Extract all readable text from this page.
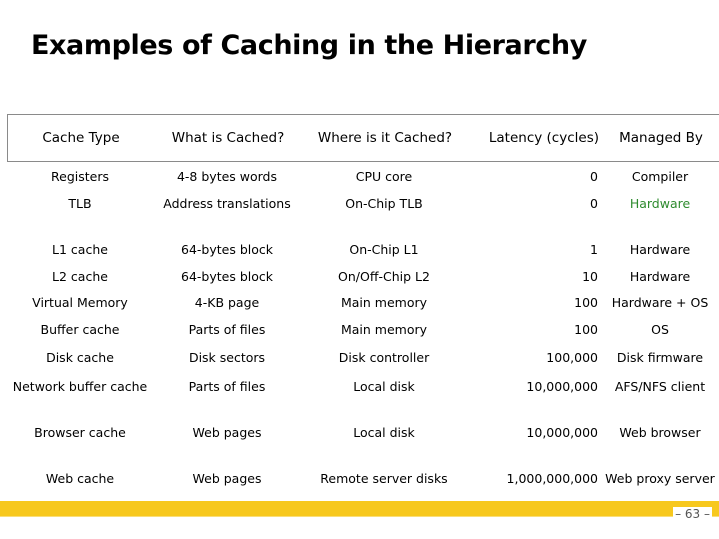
Examples of Caching in the Hierarchy
Cache Type	What is Cached?	Where is it Cached?	Latency (cycles)	Managed By
Registers	4-8 bytes words	CPU core	0	Compiler
TLB	Address translations	On-Chip TLB	0	Hardware
L1 cache	64-bytes block	On-Chip L1	1	Hardware
L2 cache	64-bytes block	On/Off-Chip L2	10	Hardware
Virtual Memory	4-KB page	Main memory	100	Hardware + OS
Buffer cache	Parts of files	Main memory	100	OS
Disk cache	Disk sectors	Disk controller	100,000	Disk firmware
Network buffer cache	Parts of files	Local disk	10,000,000	AFS/NFS client
Browser cache	Web pages	Local disk	10,000,000	Web browser
Web cache	Web pages	Remote server disks	1,000,000,000 Web proxy server
– 63 –
